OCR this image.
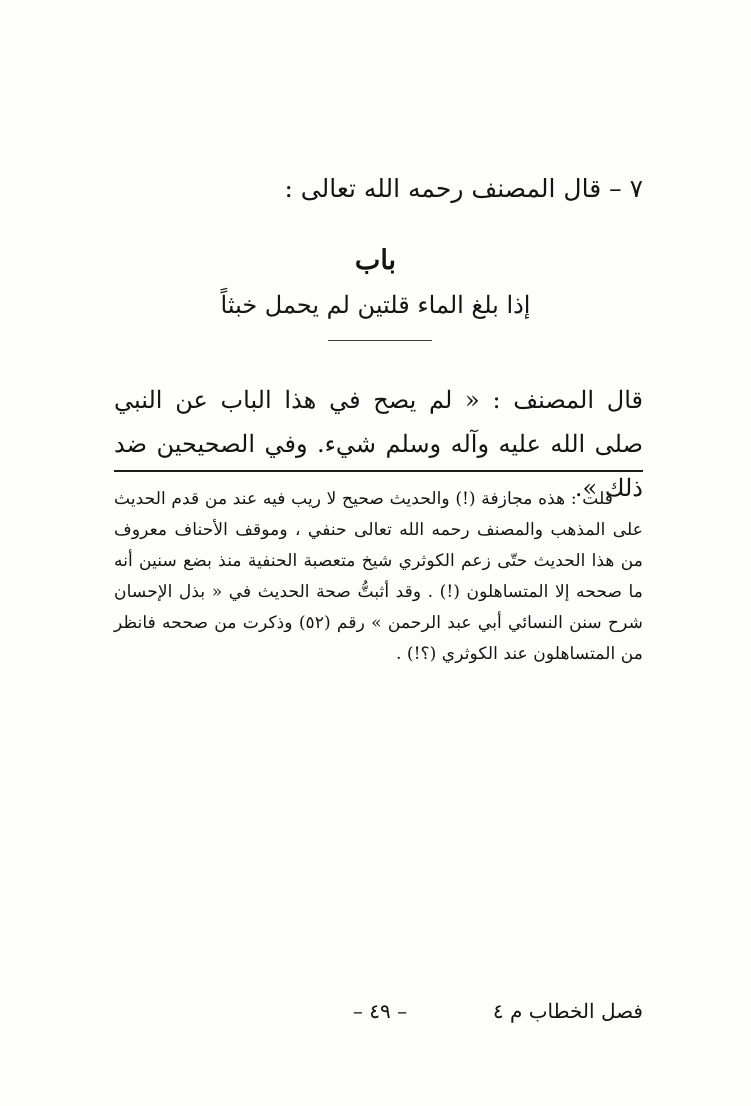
٧ – قال المصنف رحمه الله تعالى :
باب
إذا بلغ الماء قلتين لم يحمل خبثاً
قال المصنف : « لم يصح في هذا الباب عن النبي صلى الله عليه وآله وسلم شيء. وفي الصحيحين ضد ذلك ».

قلت : هذه مجازفة (!) والحديث صحيح لا ريب فيه عند من قدم الحديث على المذهب والمصنف رحمه الله تعالى حنفي ، وموقف الأحناف معروف من هذا الحديث حتّى زعم الكوثري شيخ متعصبة الحنفية منذ بضع سنين أنه ما صححه إلا المتساهلون (!) . وقد أثبتُّ صحة الحديث في « بذل الإحسان شرح سنن النسائي أبي عبد الرحمن » رقم (٥٢) وذكرت من صححه فانظر من المتساهلون عند الكوثري (؟!) .

فصل الخطاب م ٤
– ٤٩ –
